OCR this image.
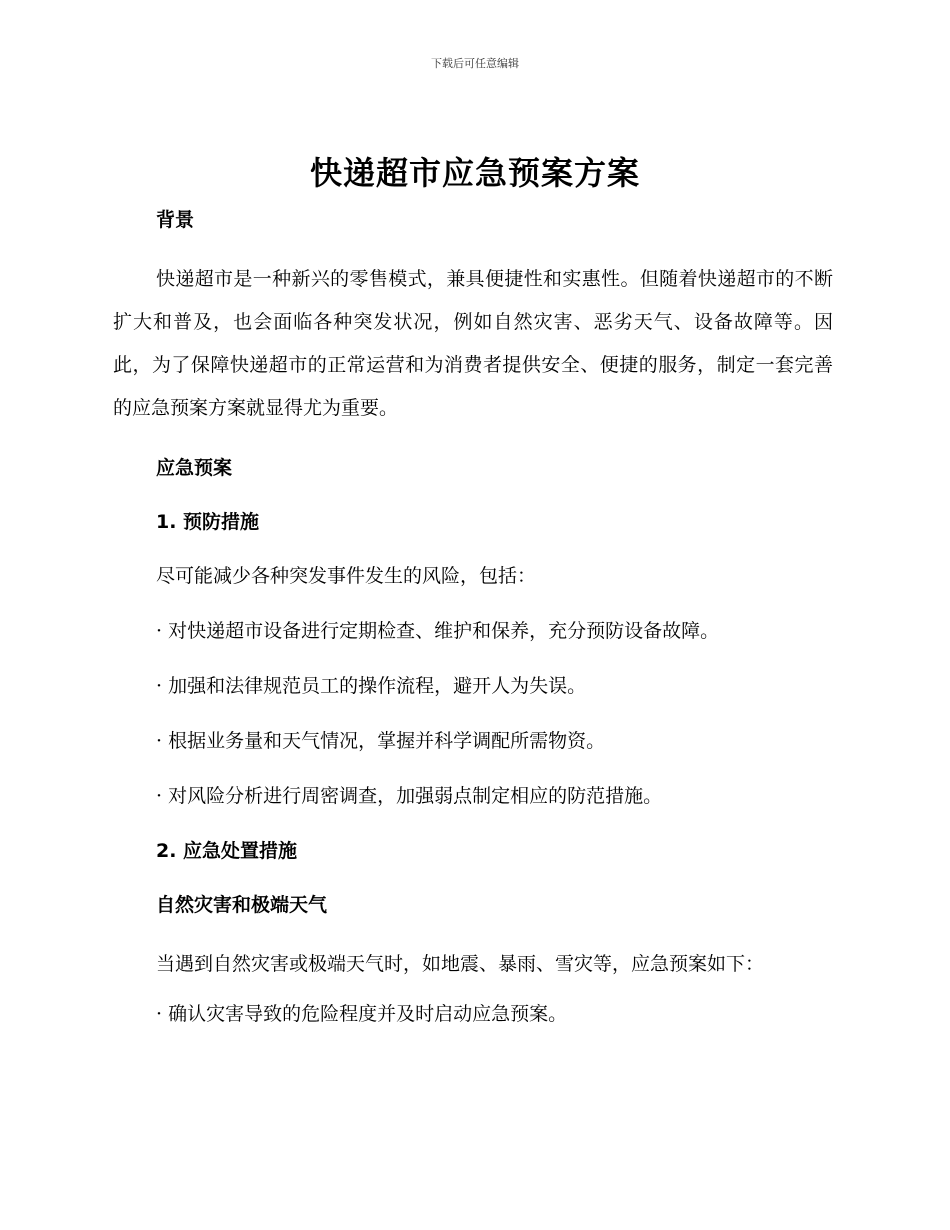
下载后可任意编辑
快递超市应急预案方案
背景

快递超市是一种新兴的零售模式，兼具便捷性和实惠性。但随着快递超市的不断扩大和普及，也会面临各种突发状况，例如自然灾害、恶劣天气、设备故障等。因此，为了保障快递超市的正常运营和为消费者提供安全、便捷的服务，制定一套完善的应急预案方案就显得尤为重要。

应急预案
1. 预防措施
尽可能减少各种突发事件发生的风险，包括：
· 对快递超市设备进行定期检查、维护和保养，充分预防设备故障。
· 加强和法律规范员工的操作流程，避开人为失误。
· 根据业务量和天气情况，掌握并科学调配所需物资。
· 对风险分析进行周密调查，加强弱点制定相应的防范措施。
2. 应急处置措施
自然灾害和极端天气

当遇到自然灾害或极端天气时，如地震、暴雨、雪灾等，应急预案如下：

· 确认灾害导致的危险程度并及时启动应急预案。
